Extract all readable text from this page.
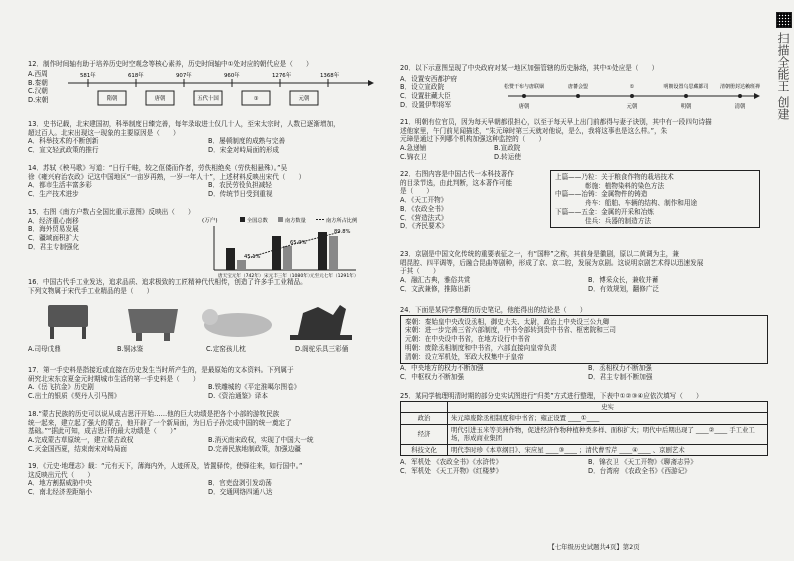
12．制作时间轴有助于培养历史时空观念等核心素养，历史时间轴中①处对应的朝代应是（　　）
581年	618年	907年	960年	1276年	1368年
隋朝	唐朝	五代十国	①	元朝
A.西周
B.秦朝
C.汉朝
D.宋朝
13．史书记载，北宋建国初，科举制度日臻完善，每年录取进士仅几十人，至宋太宗时，人数已逐渐增加，
超过百人。北宋出现这一现象的主要原因是（　　）
A．科举技术的不断创新	B．屡顿制度的成熟与完善
C．宣文轻武政策的推行	D．宋金对峙局面的形成
14．苏轼《秧马歌》写道：“日行千畦，较之伛偻而作者，劳佚相绝矣（劳佚相悬殊）。”吴
徐《雍兴府治农政》记这中国地区“一亩岁再熟，一岁一年人十”，上述材料反映出宋代（　　）
A．都市生活丰富多彩	B．农民劳役负担减轻
C．生产技术进步	D．传统节日受到重视
15．右图《南方户数占全国比重示意图》反映出（　　）
A．经济重心南移
B．海外贸易发展
C．疆域面积扩大
D．君主专制强化
(万户)	全国总数	南方数量	南方所占比例
45.1%
65.9%
89.8%
唐天宝元年（742年） 宋元丰三年（1080年）
元至元七年（1291年）
16．中国古代手工业发达，追求品质、追求极致的工匠精神代代相传，创造了许多手工业精品。
下列文物属于宋代手工业精品的是（　　）
A.司母戊鼎	B.铜冰鉴	C.定窑孩儿枕	D.阁驼乐具三彩俑
17．第一手史料是指接近或直接在历史发生当时所产生的，是最原始的文本资料。下列属于
研究北宋东京夏金元时期城市生活的第一手史料是（　　）
A.《岳飞抗金》历史剧	B.铁雕城的《平定淮噶尔图卷》
C.出土的银质《契丹人引马图》	D.《资治通鉴》译本
18.“蒙古民族的历史可以说从成吉思汗开始……他的巨大功绩是把各个小部的游牧民族
统一起来，建立起了强大的蒙古，他开辟了一个新局面，为日后子孙完成中国的统一奠定了
基础。”“据此可知，成吉思汗的最大功绩是（　　）”
A.完成蒙古草原统一，建立蒙古政权	B.消灭南宋政权，实现了中国大一统
C.灭金国西夏，结束南宋对峙局面	D.完善民族地制政策，加强边疆
19．《元史·地理志》载：“元有天下，薄海内外，人迹所及，皆置驿传，使驿往来，如行国中。”
这反映出元代（　　）
A．地方割据威胁中央	B．官吏盘剥引发动荡
C．南北经济差距缩小	D．交通网络四通八达
20．以下示意图呈现了中央政府对某一地区加强管辖的历史脉络，其中①处应是（　　）
A．设置安西都护府
B．设立宣政院
C．设置驻藏大臣
D．设置伊犁将军
松赞干布与唐联姻	唐蕃会盟	①	明朝设置乌思藏都司 清朝册封达赖班禅
唐朝	元朝	明朝	清朝
21．明朝有位官员，因为每天早朝都很担心，以至于每天早上出门前都得与妻子诀别，其中有一段四句诗描
述他家里，午门前见闻描述，“朱元璋时第三天就对他说，是么，我将这事也是这么样。”，朱
元璋是通过下列哪个机构加强这种监控的（　　）
A.急递铺	B.宣政院
C.锦衣卫	D.转运使
22．右图内容是中国古代一本科技著作
的目录节选，由此判断，这本著作可能
是（　　）
A．《天工开物》
B．《农政全书》
C．《营造法式》
D．《齐民要术》
上篇——乃粒：关于粮食作物的栽培技术
彰施：植物染料的染色方法
中篇——冶铸：金属物件的铸造
舟车：船舶、车辆的结构、制作和用途
下篇——五金：金属的开采和冶炼
佳兵：兵器的制造方法
23．京剧是中国文化传统的重要表征之一，有“国粹”之称，其前身是徽剧，原以二黄调为主，兼
唱昆腔、四平调等，后融合昆曲等剧种，形成了京、京二腔，发展为京剧。这说明京剧艺术得以迅速发展
于其（　　）
A．融汇古典，雅俗共赏	B．博采众长，兼收并蓄
C．文武兼修，推陈出新	D．有效规划，翻修广泛
24．下面是某同学整理的历史笔记，他能得出的结论是（　　）
秦朝：秦始皇中央改设丞相，御史大夫、太尉，政治上中央设三公九卿
宋朝：进一步完善三省六部制度，中书令部转到贵中书省、枢密院和三司
元朝：在中央设中书省，在地方设行中书省
明朝：废除丞相制度和中书省，六部直接向皇帝负责
清朝：设立军机处，军政大权集中于皇帝
A．中央地方的权力不断加强	B．丞相权力不断加强
C．中枢权力不断加强	D．君主专制不断加强
25．某同学梳理明清时期的部分史实试图进行“归类”方式进行整理，下表中①②③④应依次填写（　　）
	史实
政治	朱元璋废除丞相制度和中书省；雍正设置 ____①____
经济	明代引进玉米等美洲作物，促进经济作物种植种类多样、面积扩大；明代中后期出现了 ____②____ 手工业工场，形成商业集团
科技文化	明代李时珍《本草纲目》、宋应星 ____③____ ；清代曹雪芹 ____④____ 、京剧艺术
A．军机处 《农政全书》《水浒传》	B．锦衣卫 《天工开物》《聊斋志异》
C．军机处 《天工开物》《红楼梦》	D．台湾府 《农政全书》《西游记》
【七年级历史试题共4页】第2页
扫描全能王 创建
